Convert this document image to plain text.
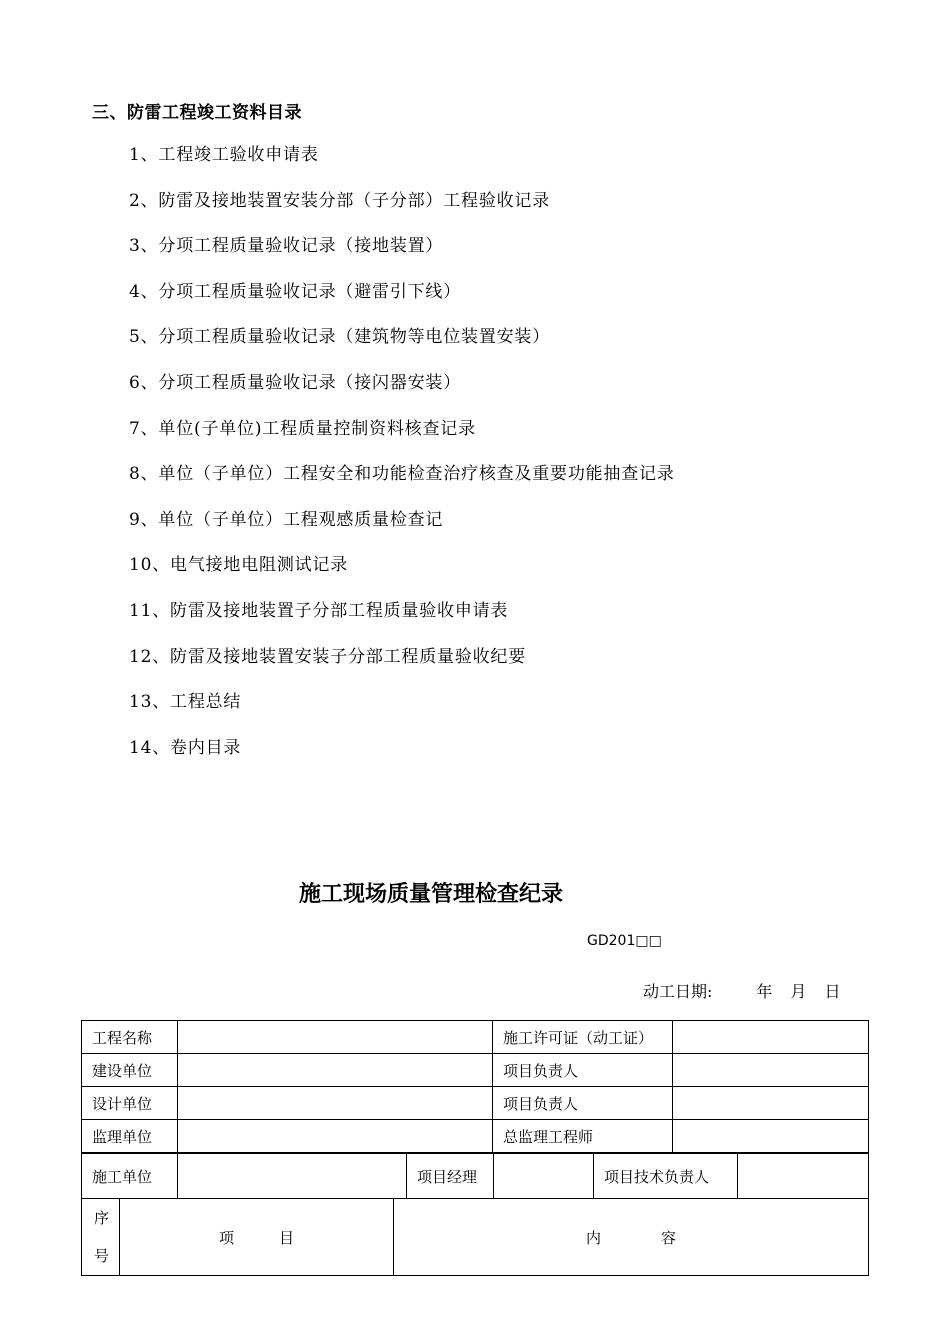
三、防雷工程竣工资料目录
1、工程竣工验收申请表
2、防雷及接地装置安装分部（子分部）工程验收记录
3、分项工程质量验收记录（接地装置）
4、分项工程质量验收记录（避雷引下线）
5、分项工程质量验收记录（建筑物等电位装置安装）
6、分项工程质量验收记录（接闪器安装）
7、单位(子单位)工程质量控制资料核查记录
8、单位（子单位）工程安全和功能检查治疗核查及重要功能抽查记录
9、单位（子单位）工程观感质量检查记
10、电气接地电阻测试记录
11、防雷及接地装置子分部工程质量验收申请表
12、防雷及接地装置安装子分部工程质量验收纪要
13、工程总结
14、卷内目录
施工现场质量管理检查纪录
GD201□□
动工日期:	年 月 日
工程名称		施工许可证（动工证）	
建设单位		项目负责人	
设计单位		项目负责人	
监理单位		总监理工程师	
施工单位		项目经理		项目技术负责人	
序
号	项　　　目	内　　　　容
